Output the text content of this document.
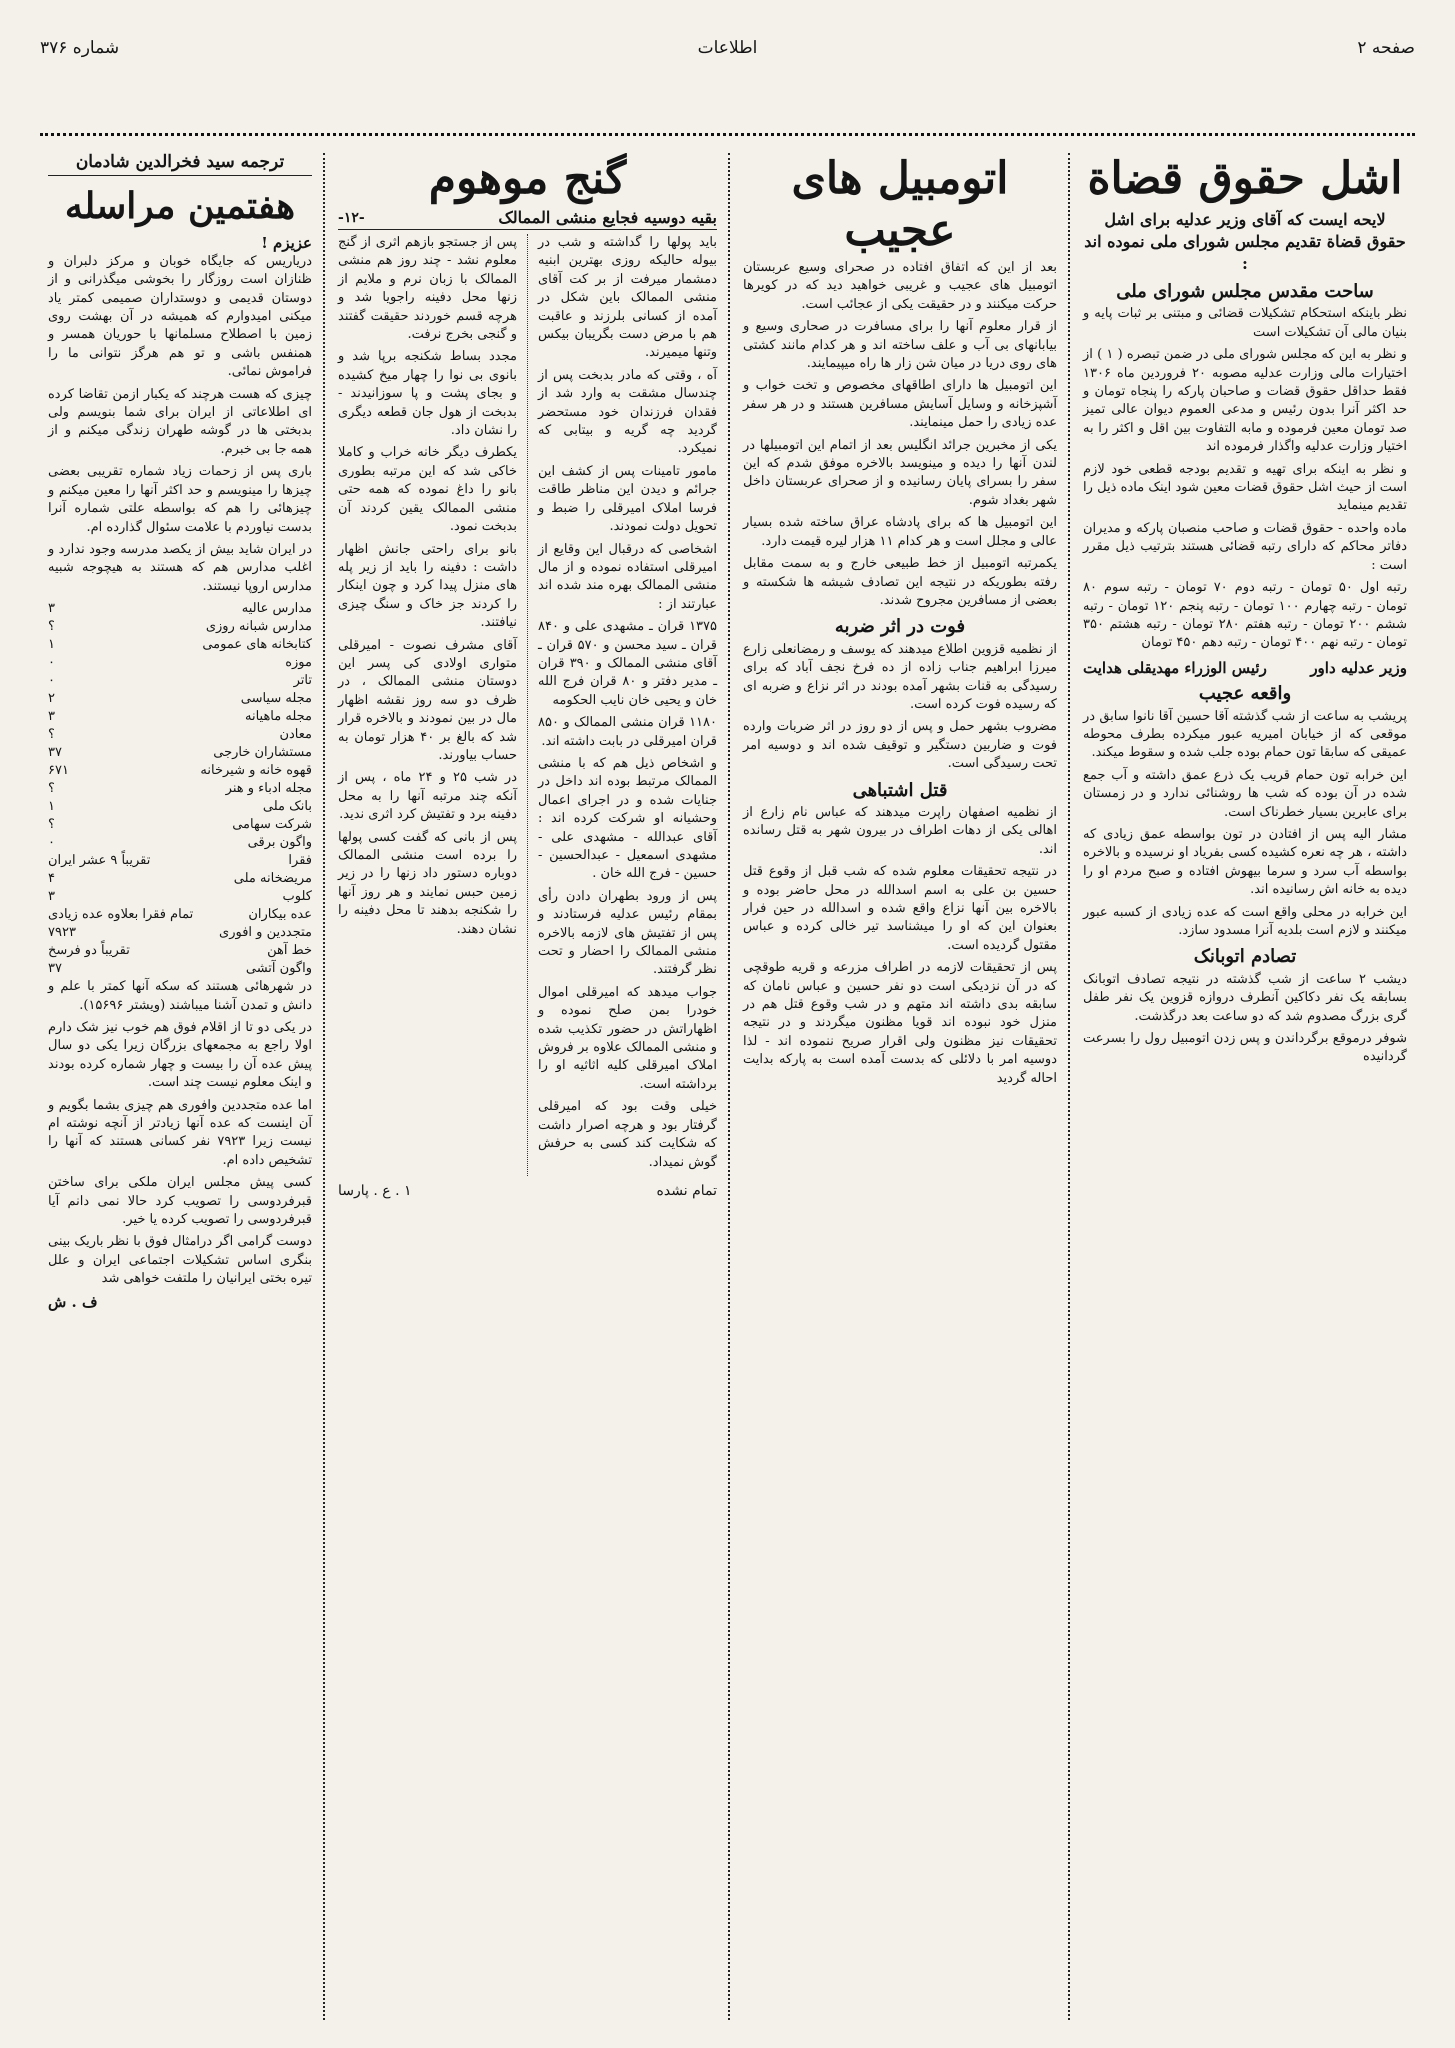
صفحه ۲
اطلاعات
شماره ۳۷۶
اشل حقوق قضاة
لایحه ایست که آقای وزیر عدلیه برای اشل حقوق قضاة تقدیم مجلس شورای ملی نموده اند :
ساحت مقدس مجلس شورای ملی

نظر باینکه استحکام تشکیلات قضائی و مبتنی بر ثبات پایه و بنیان مالی آن تشکیلات است

و نظر به این که مجلس شورای ملی در ضمن تبصره ( ۱ ) از اختیارات مالی وزارت عدلیه مصوبه ۲۰ فروردین ماه ۱۳۰۶ فقط حداقل حقوق قضات و صاحبان پارکه را پنجاه تومان و حد اکثر آنرا بدون رئیس و مدعی العموم دیوان عالی تمیز صد تومان معین فرموده و مابه التفاوت بین اقل و اکثر را به اختیار وزارت عدلیه واگذار فرموده اند

و نظر به اینکه برای تهیه و تقدیم بودجه قطعی خود لازم است از حیث اشل حقوق قضات معین شود اینک ماده ذیل را تقدیم مینماید

ماده واحده - حقوق قضات و صاحب منصبان پارکه و مدیران دفاتر محاکم که دارای رتبه قضائی هستند بترتیب ذیل مقرر است :

رتبه اول ۵۰ تومان - رتبه دوم ۷۰ تومان - رتبه سوم ۸۰ تومان - رتبه چهارم ۱۰۰ تومان - رتبه پنجم ۱۲۰ تومان - رتبه ششم ۲۰۰ تومان - رتبه هفتم ۲۸۰ تومان - رتبه هشتم ۳۵۰ تومان - رتبه نهم ۴۰۰ تومان - رتبه دهم ۴۵۰ تومان

وزیر عدلیه داور
رئیس الوزراء مهدیقلی هدایت
واقعه عجیب

پریشب به ساعت از شب گذشته آقا حسین آقا نانوا سابق در موقعی که از خیابان امیریه عبور میکرده بطرف محوطه عمیقی که سابقا تون حمام بوده جلب شده و سقوط میکند.

این خرابه تون حمام قریب یک ذرع عمق داشته و آب جمع شده در آن بوده که شب ها روشنائی ندارد و در زمستان برای عابرین بسیار خطرناک است.

مشار الیه پس از افتادن در تون بواسطه عمق زیادی که داشته ، هر چه نعره کشیده کسی بفریاد او نرسیده و بالاخره بواسطه آب سرد و سرما بیهوش افتاده و صبح مردم او را دیده به خانه اش رسانیده اند.

این خرابه در محلی واقع است که عده زیادی از کسبه عبور میکنند و لازم است بلدیه آنرا مسدود سازد.

تصادم اتوبانک

دیشب ۲ ساعت از شب گذشته در نتیجه تصادف اتوبانک بسابقه یک نفر دکاکین آنطرف دروازه قزوین یک نفر طفل گری بزرگ مصدوم شد که دو ساعت بعد درگذشت.

شوفر درموقع برگرداندن و پس زدن اتومبیل رول را بسرعت گردانیده

اتومبیل های عجیب

بعد از این که اتفاق افتاده در صحرای وسیع عربستان اتومبیل های عجیب و غریبی خواهید دید که در کویرها حرکت میکنند و در حقیقت یکی از عجائب است.

از قرار معلوم آنها را برای مسافرت در صحاری وسیع و بیابانهای بی آب و علف ساخته اند و هر کدام مانند کشتی های روی دریا در میان شن زار ها راه میپیمایند.

این اتومبیل ها دارای اطاقهای مخصوص و تخت خواب و آشپزخانه و وسایل آسایش مسافرین هستند و در هر سفر عده زیادی را حمل مینمایند.

یکی از مخبرین جرائد انگلیس بعد از اتمام این اتومبیلها در لندن آنها را دیده و مینویسد بالاخره موفق شدم که این سفر را بسرای پایان رسانیده و از صحرای عربستان داخل شهر بغداد شوم.

این اتومبیل ها که برای پادشاه عراق ساخته شده بسیار عالی و مجلل است و هر کدام ۱۱ هزار لیره قیمت دارد.

یکمرتبه اتومبیل از خط طبیعی خارج و به سمت مقابل رفته بطوریکه در نتیجه این تصادف شیشه ها شکسته و بعضی از مسافرین مجروح شدند.

فوت در اثر ضربه

از نظمیه قزوین اطلاع میدهند که یوسف و رمضانعلی زارع میرزا ابراهیم جناب زاده از ده فرخ نجف آباد که برای رسیدگی به قنات بشهر آمده بودند در اثر نزاع و ضربه ای که رسیده فوت کرده است.

مضروب بشهر حمل و پس از دو روز در اثر ضربات وارده فوت و ضاربین دستگیر و توقیف شده اند و دوسیه امر تحت رسیدگی است.

قتل اشتباهی

از نظمیه اصفهان راپرت میدهند که عباس نام زارع از اهالی یکی از دهات اطراف در بیرون شهر به قتل رسانده اند.

در نتیجه تحقیقات معلوم شده که شب قبل از وقوع قتل حسین بن علی به اسم اسدالله در محل حاضر بوده و بالاخره بین آنها نزاع واقع شده و اسدالله در حین فرار بعنوان این که او را میشناسد تیر خالی کرده و عباس مقتول گردیده است.

پس از تحقیقات لازمه در اطراف مزرعه و قریه طوقچی که در آن نزدیکی است دو نفر حسین و عباس نامان که سابقه بدی داشته اند متهم و در شب وقوع قتل هم در منزل خود نبوده اند قویا مظنون میگردند و در نتیجه تحقیقات نیز مظنون ولی اقرار صریح ننموده اند - لذا دوسیه امر با دلائلی که بدست آمده است به پارکه بدایت احاله گردید

گنج موهوم
بقیه دوسیه فجایع منشی الممالک
-۱۲-

باید پولها را گداشته و شب در بیوله حالیکه روزی بهترین ابنیه دمشمار میرفت از بر کت آقای منشی الممالک باین شکل در آمده از کسانی بلرزند و عاقبت هم با مرض دست بگریبان بیکس وتنها میمیرند.

آه ، وقتی که مادر بدبخت پس از چندسال مشقت به وارد شد از فقدان فرزندان خود مستحضر گردید چه گریه و بیتابی که نمیکرد.

مامور تامینات پس از کشف این جرائم و دیدن این مناظر طاقت فرسا املاک امیرقلی را ضبط و تحویل دولت نمودند.

اشخاصی که درقبال این وقایع از امیرقلی استفاده نموده و از مال منشی الممالک بهره مند شده اند عبارتند از :

۱۳۷۵ قران ـ مشهدی علی و ۸۴۰ قران ـ سید محسن و ۵۷۰ قران ـ آقای منشی الممالک و ۳۹۰ قران ـ مدیر دفتر و ۸۰ قران فرج الله خان و یحیی خان نایب الحکومه

۱۱۸۰ قران منشی الممالک و ۸۵۰ قران امیرقلی در بابت داشته اند.

و اشخاص ذیل هم که با منشی الممالک مرتبط بوده اند داخل در جنایات شده و در اجرای اعمال وحشیانه او شرکت کرده اند : آقای عبدالله - مشهدی علی - مشهدی اسمعیل - عبدالحسین - حسین - فرج الله خان .

پس از ورود بطهران دادن رأی بمقام رئیس عدلیه فرستادند و پس از تفتیش های لازمه بالاخره منشی الممالک را احضار و تحت نظر گرفتند.

جواب میدهد که امیرقلی اموال خودرا بمن صلح نموده و اظهاراتش در حضور تکذیب شده و منشی الممالک علاوه بر فروش املاک امیرقلی کلیه اثاثیه او را برداشته است.

خیلی وقت بود که امیرقلی گرفتار بود و هرچه اصرار داشت که شکایت کند کسی به حرفش گوش نمیداد.

پس از جستجو بازهم اثری از گنج معلوم نشد - چند روز هم منشی الممالک با زبان نرم و ملایم از زنها محل دفینه راجویا شد و هرچه قسم خوردند حقیقت گفتند و گنجی بخرج نرفت.

مجدد بساط شکنجه برپا شد و بانوی بی نوا را چهار میخ کشیده و بجای پشت و پا سوزانیدند - بدبخت از هول جان قطعه دیگری را نشان داد.

یکطرف دیگر خانه خراب و کاملا خاکی شد که این مرتبه بطوری بانو را داغ نموده که همه حتی منشی الممالک یقین کردند آن بدبخت نمود.

بانو برای راحتی جانش اظهار داشت : دفینه را باید از زیر پله های منزل پیدا کرد و چون اینکار را کردند جز خاک و سنگ چیزی نیافتند.

آقای مشرف نصوت - امیرقلی متواری اولادی کی پسر این دوستان منشی الممالک ، در ظرف دو سه روز نقشه اظهار مال در بین نمودند و بالاخره قرار شد که بالغ بر ۴۰ هزار تومان به حساب بیاورند.

در شب ۲۵ و ۲۴ ماه ، پس از آنکه چند مرتبه آنها را به محل دفینه برد و تفتیش کرد اثری ندید.

پس از بانی که گفت کسی پولها را برده است منشی الممالک دوباره دستور داد زنها را در زیر زمین حبس نمایند و هر روز آنها را شکنجه بدهند تا محل دفینه را نشان دهند.

تمام نشده
۱ . ع . پارسا
ترجمه سید فخرالدین شادمان
هفتمین مراسله
عزیزم !

دریاریس که جایگاه خوبان و مرکز دلبران و ظنازان است روزگار را بخوشی میگذرانی و از دوستان قدیمی و دوستداران صمیمی کمتر یاد میکنی امیدوارم که همیشه در آن بهشت روی زمین با اصطلاح مسلمانها با حوریان همسر و همنفس باشی و تو هم هرگز نتوانی ما را فراموش نمائی.

چیزی که هست هرچند که یکبار ازمن تقاضا کرده ای اطلاعاتی از ایران برای شما بنویسم ولی بدبختی ها در گوشه طهران زندگی میکنم و از همه جا بی خبرم.

باری پس از زحمات زیاد شماره تقریبی بعضی چیزها را مینویسم و حد اکثر آنها را معین میکنم و چیزهائی را هم که بواسطه علتی شماره آنرا بدست نیاوردم با علامت سئوال گذارده ام.

در ایران شاید بیش از یکصد مدرسه وجود ندارد و اغلب مدارس هم که هستند به هیچوجه شبیه مدارس اروپا نیستند.

مدارس عالیه
۳
مدارس شبانه روزی
؟
کتابخانه های عمومی
۱
موزه
۰
تاتر
۰
مجله سیاسی
۲
مجله ماهیانه
۳
معادن
؟
مستشاران خارجی
۳۷
قهوه خانه و شیرخانه
۶۷۱
مجله ادباء و هنر
؟
بانک ملی
۱
شرکت سهامی
؟
واگون برقی
۰
فقرا
تقریباً ۹ عشر ایران
مریضخانه ملی
۴
کلوب
۳
عده بیکاران
تمام فقرا بعلاوه عده زیادی
متجددین و افوری
۷۹۲۳
خط آهن
تقریباً دو فرسخ
واگون آتشی
۳۷

در شهرهائی هستند که سکه آنها کمتر با علم و دانش و تمدن آشنا میباشند (ویشتر ۱۵۶۹۶).

در یکی دو تا از اقلام فوق هم خوب نیز شک دارم اولا راجع به مجمعهای بزرگان زیرا یکی دو سال پیش عده آن را بیست و چهار شماره کرده بودند و اینک معلوم نیست چند است.

اما عده متجددین وافوری هم چیزی بشما بگویم و آن اینست که عده آنها زیادتر از آنچه نوشته ام نیست زیرا ۷۹۲۳ نفر کسانی هستند که آنها را تشخیص داده ام.

کسی پیش مجلس ایران ملکی برای ساختن قبرفردوسی را تصویب کرد حالا نمی دانم آیا قبرفردوسی را تصویب کرده یا خیر.

دوست گرامی اگر درامثال فوق با نظر باریک بینی بنگری اساس تشکیلات اجتماعی ایران و علل تیره بختی ایرانیان را ملتفت خواهی شد

ف . ش
